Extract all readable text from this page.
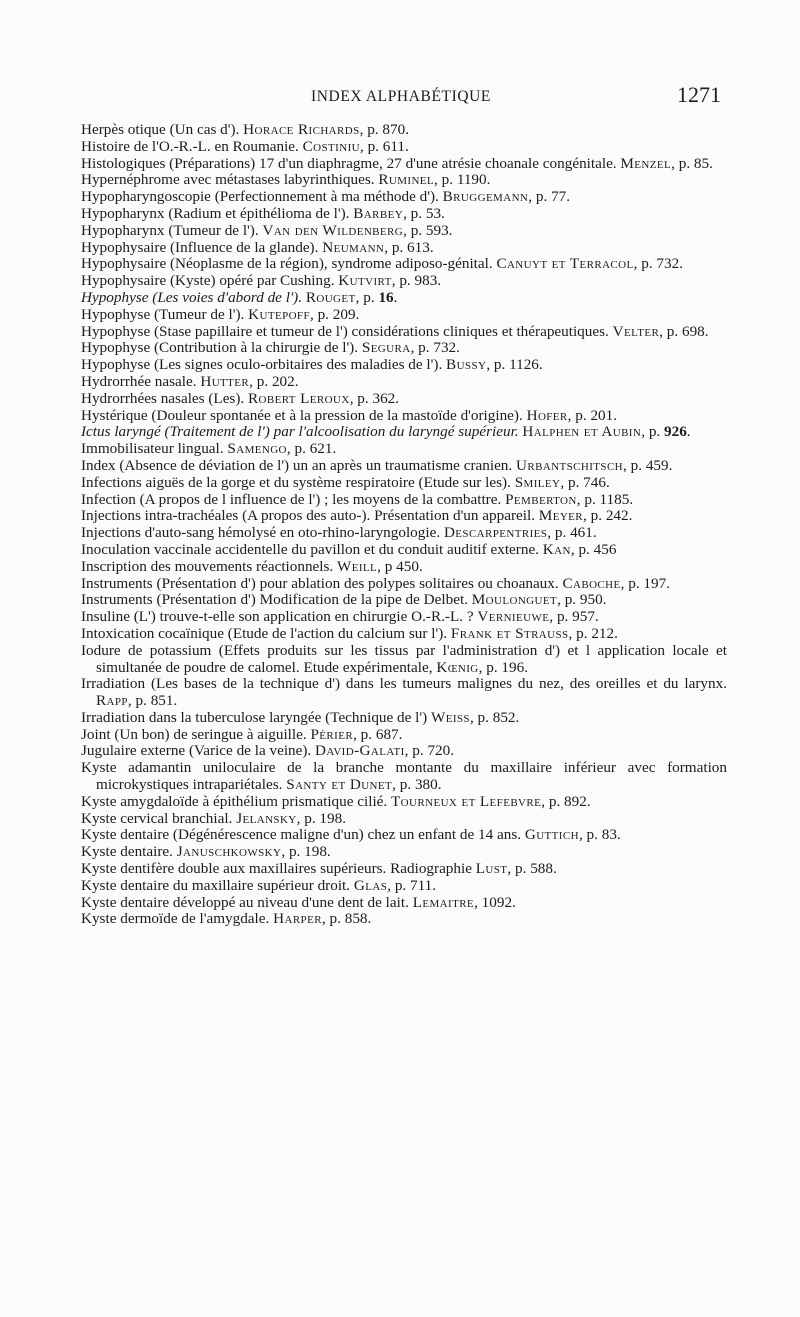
INDEX ALPHABÉTIQUE	1271
Herpès otique (Un cas d'). Horace Richards, p. 870.
Histoire de l'O.-R.-L. en Roumanie. Costiniu, p. 611.
Histologiques (Préparations) 17 d'un diaphragme, 27 d'une atrésie choanale congénitale. Menzel, p. 85.
Hypernéphrome avec métastases labyrinthiques. Ruminel, p. 1190.
Hypopharyngoscopie (Perfectionnement à ma méthode d'). Bruggemann, p. 77.
Hypopharynx (Radium et épithélioma de l'). Barbey, p. 53.
Hypopharynx (Tumeur de l'). Van den Wildenberg, p. 593.
Hypophysaire (Influence de la glande). Neumann, p. 613.
Hypophysaire (Néoplasme de la région), syndrome adiposo-génital. Canuyt et Terracol, p. 732.
Hypophysaire (Kyste) opéré par Cushing. Kutvirt, p. 983.
Hypophyse (Les voies d'abord de l'). Rouget, p. 16.
Hypophyse (Tumeur de l'). Kutepoff, p. 209.
Hypophyse (Stase papillaire et tumeur de l') considérations cliniques et thérapeutiques. Velter, p. 698.
Hypophyse (Contribution à la chirurgie de l'). Segura, p. 732.
Hypophyse (Les signes oculo-orbitaires des maladies de l'). Bussy, p. 1126.
Hydrorrhée nasale. Hutter, p. 202.
Hydrorrhées nasales (Les). Robert Leroux, p. 362.
Hystérique (Douleur spontanée et à la pression de la mastoïde d'origine). Hofer, p. 201.
Ictus laryngé (Traitement de l') par l'alcoolisation du laryngé supérieur. Halphen et Aubin, p. 926.
Immobilisateur lingual. Samengo, p. 621.
Index (Absence de déviation de l') un an après un traumatisme cranien. Urbantschitsch, p. 459.
Infections aiguës de la gorge et du système respiratoire (Etude sur les). Smiley, p. 746.
Infection (A propos de l influence de l') ; les moyens de la combattre. Pemberton, p. 1185.
Injections intra-trachéales (A propos des auto-). Présentation d'un appareil. Meyer, p. 242.
Injections d'auto-sang hémolysé en oto-rhino-laryngologie. Descarpentries, p. 461.
Inoculation vaccinale accidentelle du pavillon et du conduit auditif externe. Kan, p. 456
Inscription des mouvements réactionnels. Weill, p 450.
Instruments (Présentation d') pour ablation des polypes solitaires ou choanaux. Caboche, p. 197.
Instruments (Présentation d') Modification de la pipe de Delbet. Moulonguet, p. 950.
Insuline (L') trouve-t-elle son application en chirurgie O.-R.-L. ? Vernieuwe, p. 957.
Intoxication cocaïnique (Etude de l'action du calcium sur l'). Frank et Strauss, p. 212.
Iodure de potassium (Effets produits sur les tissus par l'administration d') et l application locale et simultanée de poudre de calomel. Etude expérimentale, Kœnig, p. 196.
Irradiation (Les bases de la technique d') dans les tumeurs malignes du nez, des oreilles et du larynx. Rapp, p. 851.
Irradiation dans la tuberculose laryngée (Technique de l') Weiss, p. 852.
Joint (Un bon) de seringue à aiguille. Périer, p. 687.
Jugulaire externe (Varice de la veine). David-Galati, p. 720.
Kyste adamantin uniloculaire de la branche montante du maxillaire inférieur avec formation microkystiques intrapariétales. Santy et Dunet, p. 380.
Kyste amygdaloïde à épithélium prismatique cilié. Tourneux et Lefebvre, p. 892.
Kyste cervical branchial. Jelansky, p. 198.
Kyste dentaire (Dégénérescence maligne d'un) chez un enfant de 14 ans. Guttich, p. 83.
Kyste dentaire. Januschkowsky, p. 198.
Kyste dentifère double aux maxillaires supérieurs. Radiographie Lust, p. 588.
Kyste dentaire du maxillaire supérieur droit. Glas, p. 711.
Kyste dentaire développé au niveau d'une dent de lait. Lemaitre, 1092.
Kyste dermoïde de l'amygdale. Harper, p. 858.
